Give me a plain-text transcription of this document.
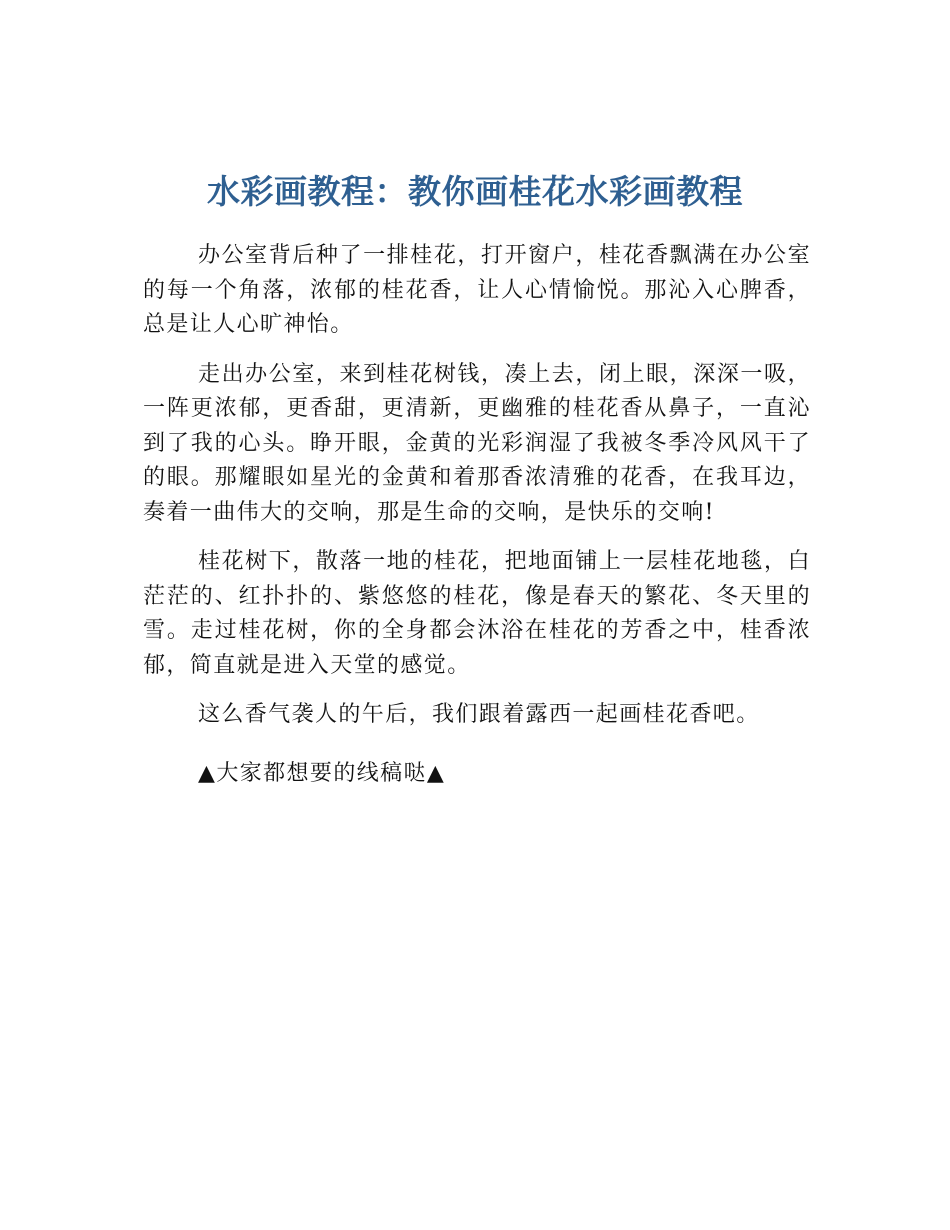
水彩画教程：教你画桂花水彩画教程

办公室背后种了一排桂花，打开窗户，桂花香飘满在办公室的每一个角落，浓郁的桂花香，让人心情愉悦。那沁入心脾香，总是让人心旷神怡。

走出办公室，来到桂花树钱，凑上去，闭上眼，深深一吸，一阵更浓郁，更香甜，更清新，更幽雅的桂花香从鼻子，一直沁到了我的心头。睁开眼，金黄的光彩润湿了我被冬季冷风风干了的眼。那耀眼如星光的金黄和着那香浓清雅的花香，在我耳边，奏着一曲伟大的交响，那是生命的交响，是快乐的交响!

桂花树下，散落一地的桂花，把地面铺上一层桂花地毯，白茫茫的、红扑扑的、紫悠悠的桂花，像是春天的繁花、冬天里的雪。走过桂花树，你的全身都会沐浴在桂花的芳香之中，桂香浓郁，简直就是进入天堂的感觉。

这么香气袭人的午后，我们跟着露西一起画桂花香吧。

▲大家都想要的线稿哒▲
